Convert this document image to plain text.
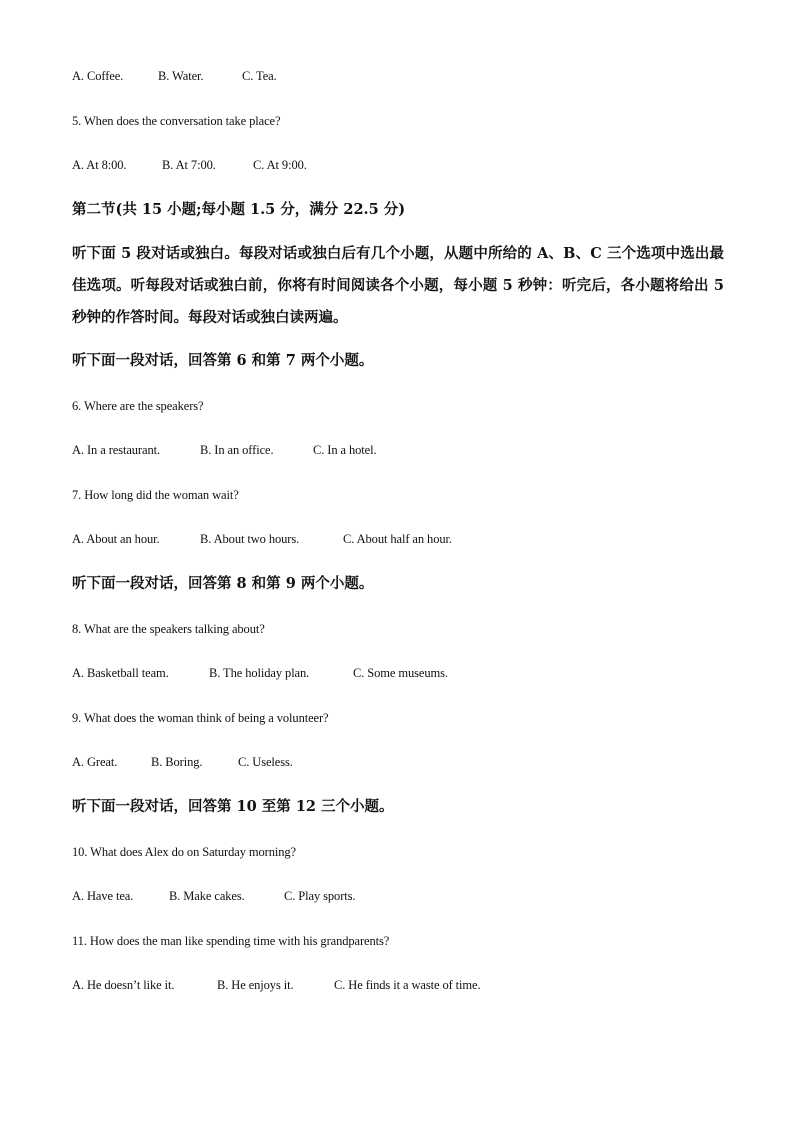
A. Coffee.	B. Water.	C. Tea.
5. When does the conversation take place?
A. At 8:00.	B. At 7:00.	C. At 9:00.
第二节(共 15 小题;每小题 1.5 分，满分 22.5 分)
听下面 5 段对话或独白。每段对话或独白后有几个小题，从题中所给的 A、B、C 三个选项中选出最佳选项。听每段对话或独白前，你将有时间阅读各个小题，每小题 5 秒钟：听完后，各小题将给出 5 秒钟的作答时间。每段对话或独白读两遍。
听下面一段对话，回答第 6 和第 7 两个小题。
6. Where are the speakers?
A. In a restaurant.	B. In an office.	C. In a hotel.
7. How long did the woman wait?
A. About an hour.	B. About two hours.	C. About half an hour.
听下面一段对话，回答第 8 和第 9 两个小题。
8. What are the speakers talking about?
A. Basketball team.	B. The holiday plan.	C. Some museums.
9. What does the woman think of being a volunteer?
A. Great.	B. Boring.	C. Useless.
听下面一段对话，回答第 10 至第 12 三个小题。
10. What does Alex do on Saturday morning?
A. Have tea.	B. Make cakes.	C. Play sports.
11. How does the man like spending time with his grandparents?
A. He doesn’t like it.	B. He enjoys it.	C. He finds it a waste of time.
